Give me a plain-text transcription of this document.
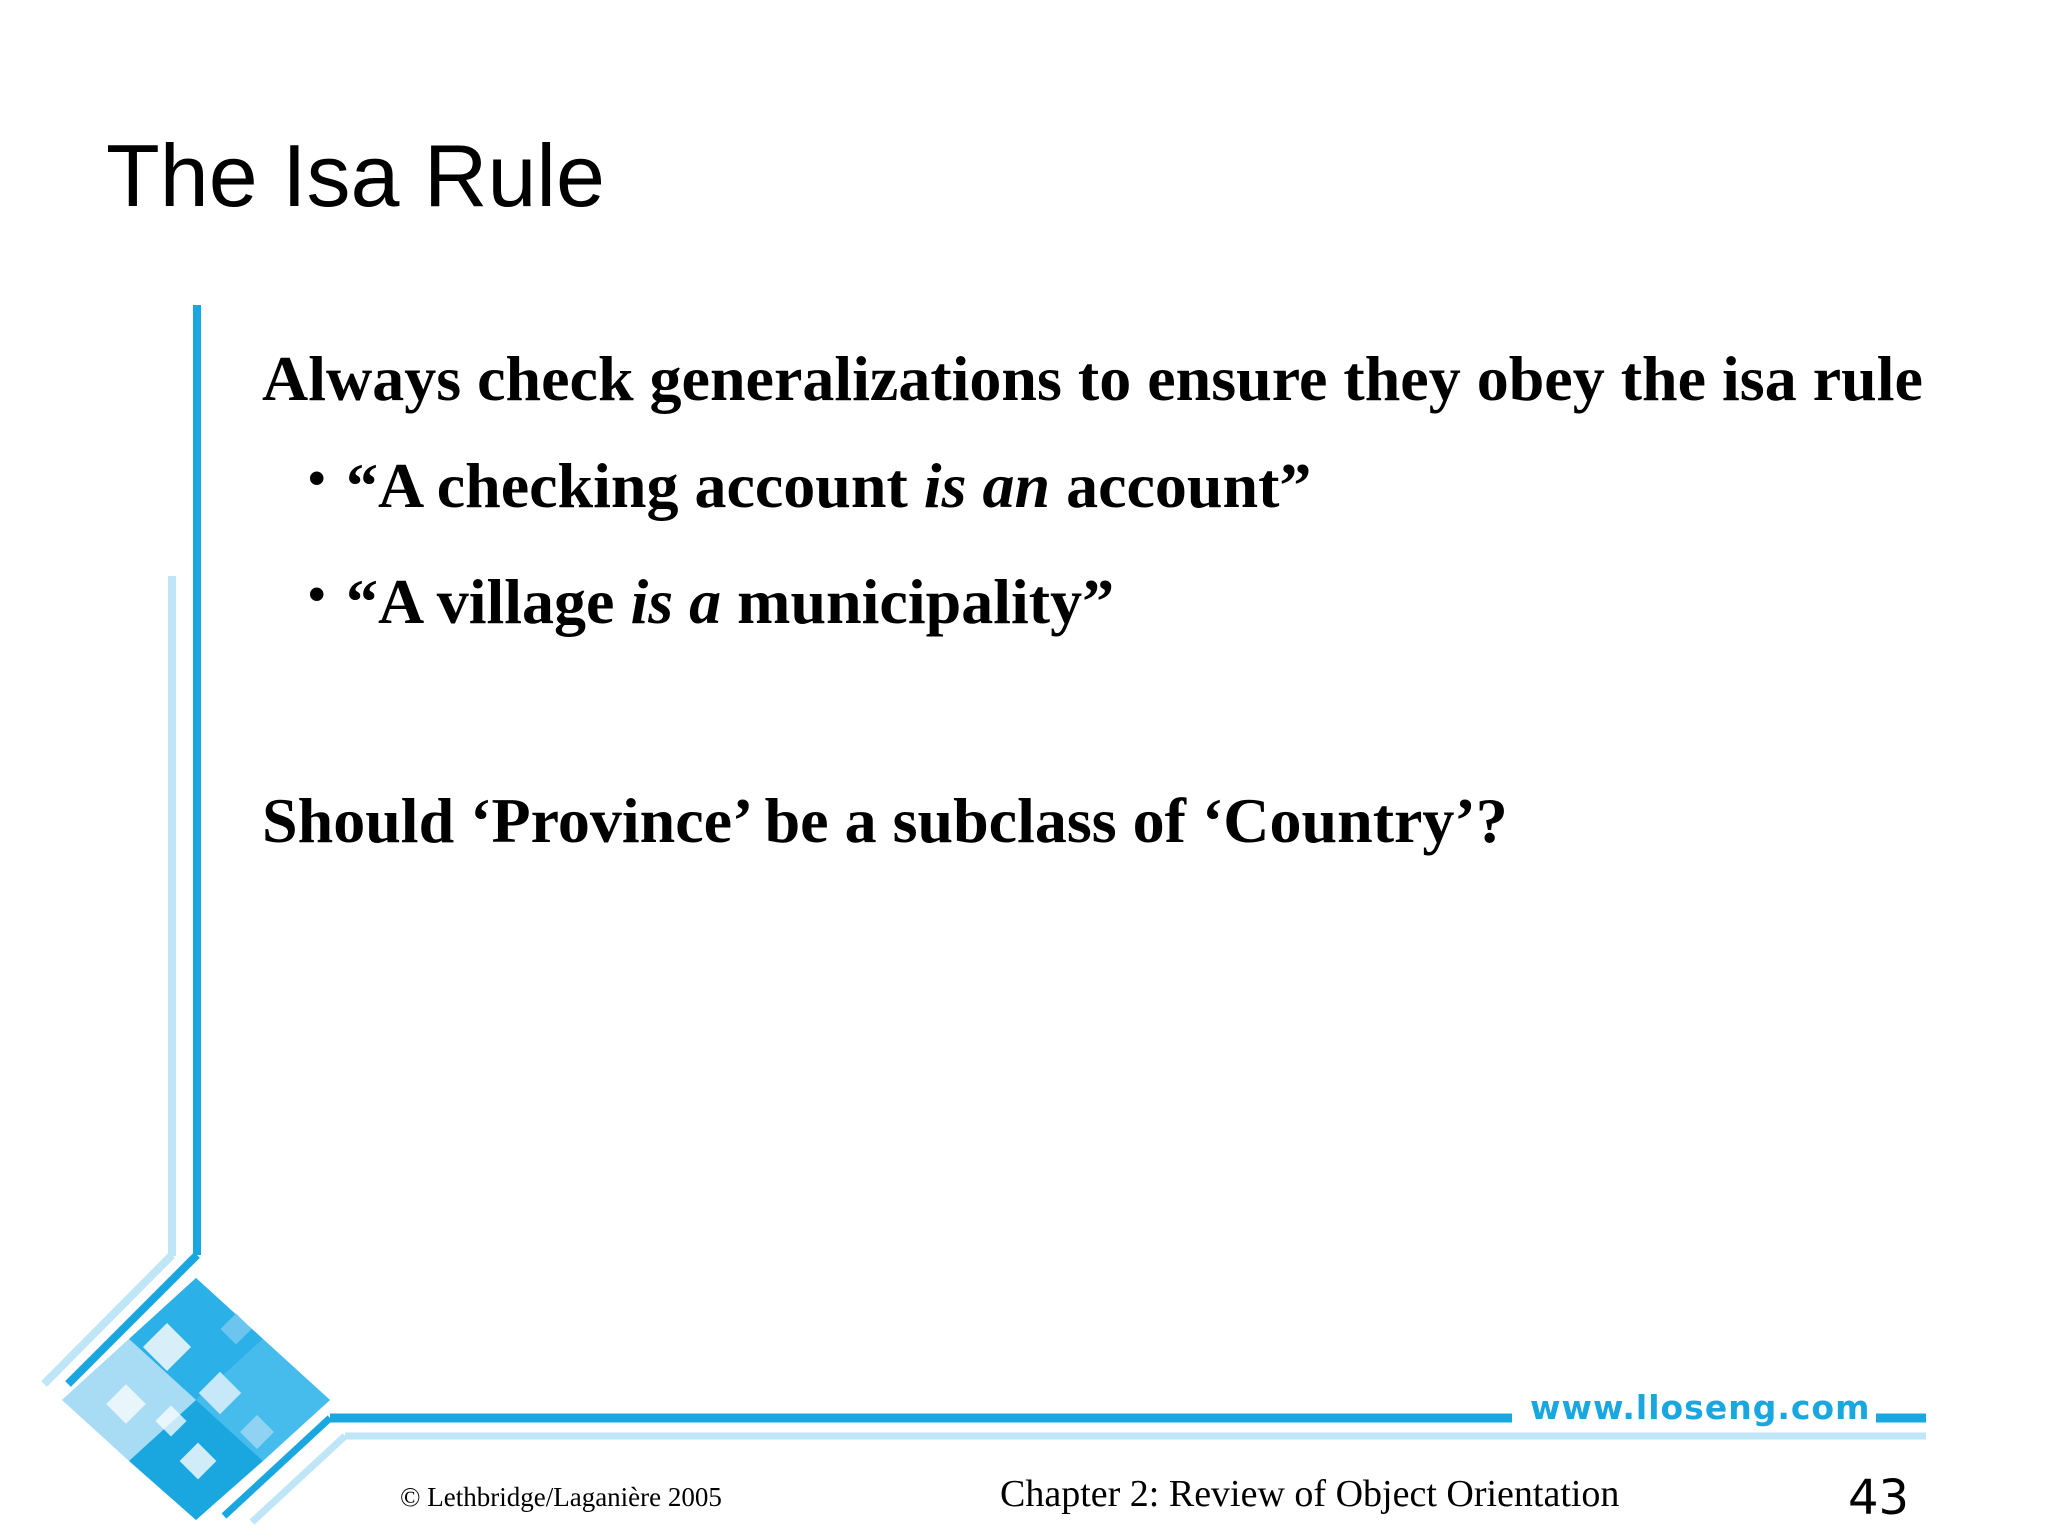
The Isa Rule

Always check generalizations to ensure they obey the isa rule

• “A checking account is an account”
• “A village is a municipality”

Should ‘Province’ be a subclass of ‘Country’?

www.lloseng.com
© Lethbridge/Laganière 2005	Chapter 2: Review of Object Orientation	43
